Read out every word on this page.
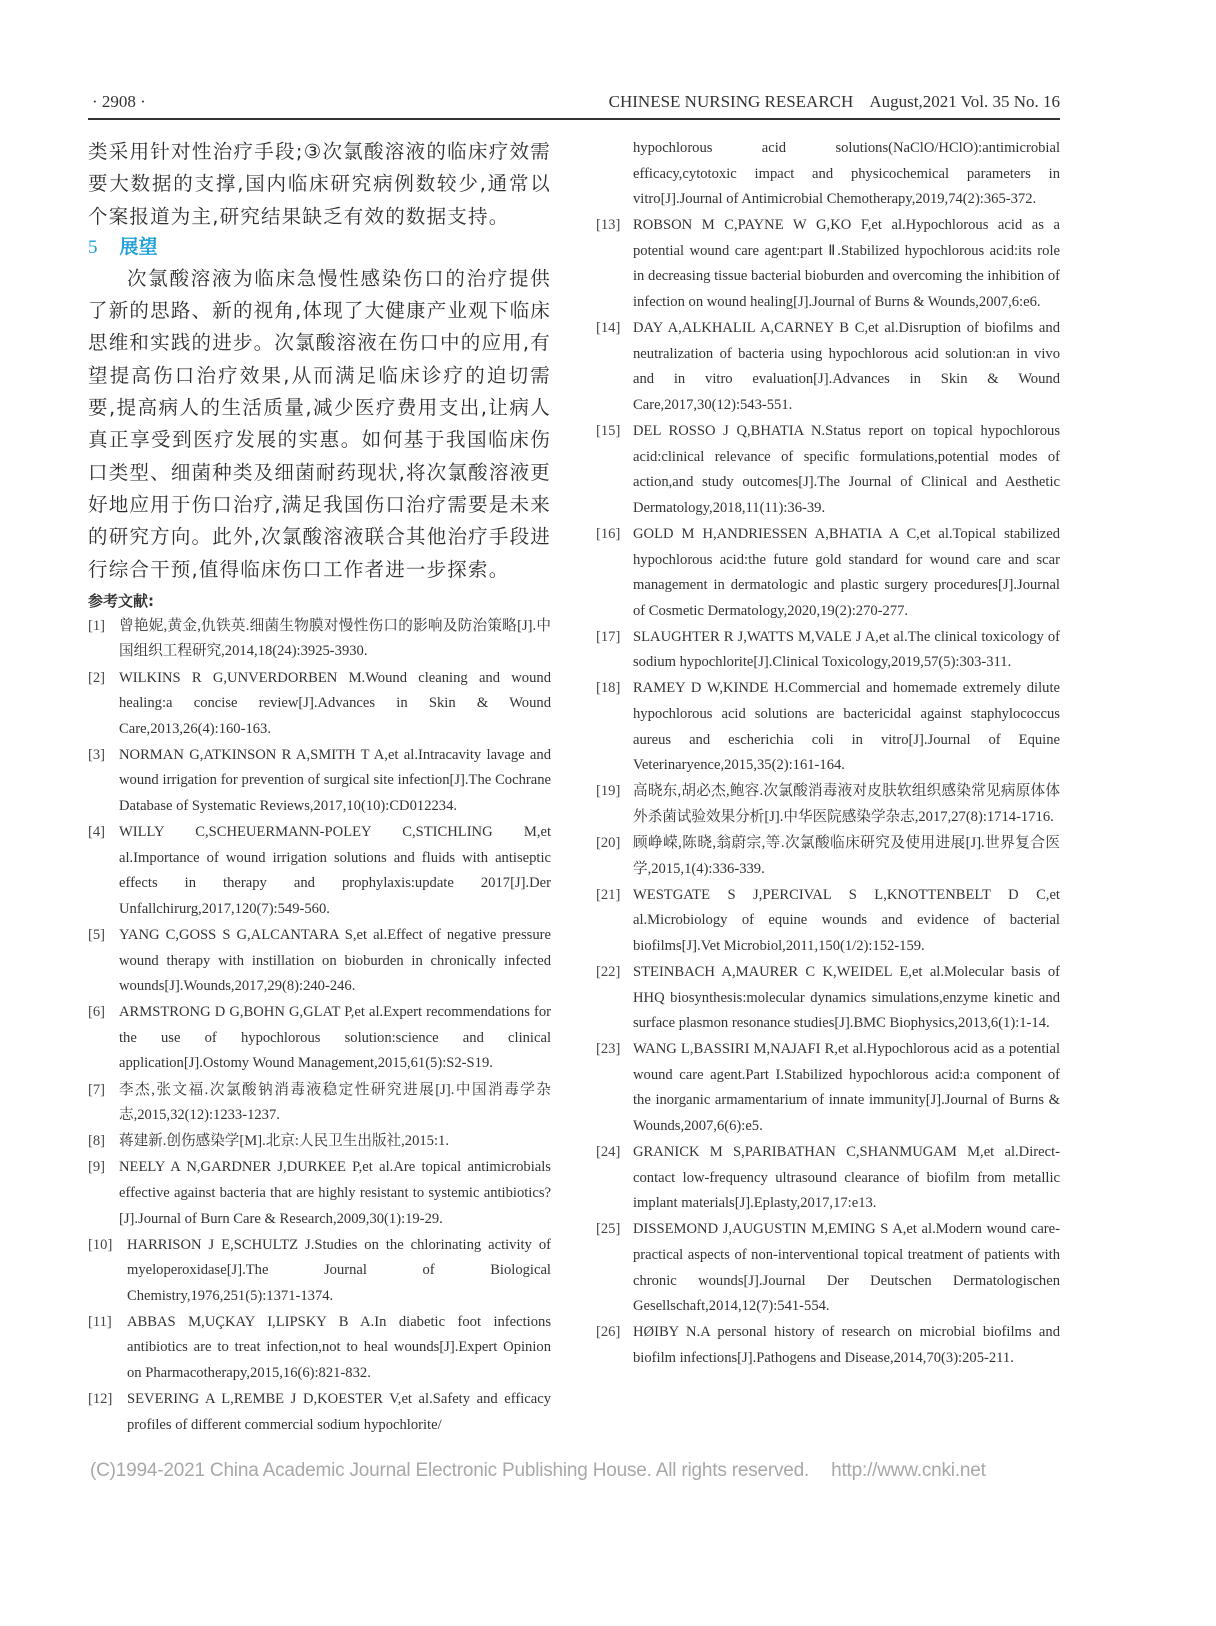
· 2908 ·	CHINESE NURSING RESEARCH    August,2021 Vol. 35 No. 16

类采用针对性治疗手段;③次氯酸溶液的临床疗效需要大数据的支撑,国内临床研究病例数较少,通常以个案报道为主,研究结果缺乏有效的数据支持。

5 展望

次氯酸溶液为临床急慢性感染伤口的治疗提供了新的思路、新的视角,体现了大健康产业观下临床思维和实践的进步。次氯酸溶液在伤口中的应用,有望提高伤口治疗效果,从而满足临床诊疗的迫切需要,提高病人的生活质量,减少医疗费用支出,让病人真正享受到医疗发展的实惠。如何基于我国临床伤口类型、细菌种类及细菌耐药现状,将次氯酸溶液更好地应用于伤口治疗,满足我国伤口治疗需要是未来的研究方向。此外,次氯酸溶液联合其他治疗手段进行综合干预,值得临床伤口工作者进一步探索。

参考文献:
[1] 曾艳妮,黄金,仇铁英.细菌生物膜对慢性伤口的影响及防治策略[J].中国组织工程研究,2014,18(24):3925-3930.
[2] WILKINS R G,UNVERDORBEN M.Wound cleaning and wound healing:a concise review[J].Advances in Skin & Wound Care,2013,26(4):160-163.
[3] NORMAN G,ATKINSON R A,SMITH T A,et al.Intracavity lavage and wound irrigation for prevention of surgical site infection[J].The Cochrane Database of Systematic Reviews,2017,10(10):CD012234.
[4] WILLY C,SCHEUERMANN-POLEY C,STICHLING M,et al.Importance of wound irrigation solutions and fluids with antiseptic effects in therapy and prophylaxis:update 2017[J].Der Unfallchirurg,2017,120(7):549-560.
[5] YANG C,GOSS S G,ALCANTARA S,et al.Effect of negative pressure wound therapy with instillation on bioburden in chronically infected wounds[J].Wounds,2017,29(8):240-246.
[6] ARMSTRONG D G,BOHN G,GLAT P,et al.Expert recommendations for the use of hypochlorous solution:science and clinical application[J].Ostomy Wound Management,2015,61(5):S2-S19.
[7] 李杰,张文福.次氯酸钠消毒液稳定性研究进展[J].中国消毒学杂志,2015,32(12):1233-1237.
[8] 蒋建新.创伤感染学[M].北京:人民卫生出版社,2015:1.
[9] NEELY A N,GARDNER J,DURKEE P,et al.Are topical antimicrobials effective against bacteria that are highly resistant to systemic antibiotics?[J].Journal of Burn Care & Research,2009,30(1):19-29.
[10] HARRISON J E,SCHULTZ J.Studies on the chlorinating activity of myeloperoxidase[J].The Journal of Biological Chemistry,1976,251(5):1371-1374.
[11] ABBAS M,UÇKAY I,LIPSKY B A.In diabetic foot infections antibiotics are to treat infection,not to heal wounds[J].Expert Opinion on Pharmacotherapy,2015,16(6):821-832.
[12] SEVERING A L,REMBE J D,KOESTER V,et al.Safety and efficacy profiles of different commercial sodium hypochlorite/
hypochlorous acid solutions(NaClO/HClO):antimicrobial efficacy,cytotoxic impact and physicochemical parameters in vitro[J].Journal of Antimicrobial Chemotherapy,2019,74(2):365-372.
[13] ROBSON M C,PAYNE W G,KO F,et al.Hypochlorous acid as a potential wound care agent:part Ⅱ.Stabilized hypochlorous acid:its role in decreasing tissue bacterial bioburden and overcoming the inhibition of infection on wound healing[J].Journal of Burns & Wounds,2007,6:e6.
[14] DAY A,ALKHALIL A,CARNEY B C,et al.Disruption of biofilms and neutralization of bacteria using hypochlorous acid solution:an in vivo and in vitro evaluation[J].Advances in Skin & Wound Care,2017,30(12):543-551.
[15] DEL ROSSO J Q,BHATIA N.Status report on topical hypochlorous acid:clinical relevance of specific formulations,potential modes of action,and study outcomes[J].The Journal of Clinical and Aesthetic Dermatology,2018,11(11):36-39.
[16] GOLD M H,ANDRIESSEN A,BHATIA A C,et al.Topical stabilized hypochlorous acid:the future gold standard for wound care and scar management in dermatologic and plastic surgery procedures[J].Journal of Cosmetic Dermatology,2020,19(2):270-277.
[17] SLAUGHTER R J,WATTS M,VALE J A,et al.The clinical toxicology of sodium hypochlorite[J].Clinical Toxicology,2019,57(5):303-311.
[18] RAMEY D W,KINDE H.Commercial and homemade extremely dilute hypochlorous acid solutions are bactericidal against staphylococcus aureus and escherichia coli in vitro[J].Journal of Equine Veterinaryence,2015,35(2):161-164.
[19] 高晓东,胡必杰,鲍容.次氯酸消毒液对皮肤软组织感染常见病原体体外杀菌试验效果分析[J].中华医院感染学杂志,2017,27(8):1714-1716.
[20] 顾峥嵘,陈晓,翁蔚宗,等.次氯酸临床研究及使用进展[J].世界复合医学,2015,1(4):336-339.
[21] WESTGATE S J,PERCIVAL S L,KNOTTENBELT D C,et al.Microbiology of equine wounds and evidence of bacterial biofilms[J].Vet Microbiol,2011,150(1/2):152-159.
[22] STEINBACH A,MAURER C K,WEIDEL E,et al.Molecular basis of HHQ biosynthesis:molecular dynamics simulations,enzyme kinetic and surface plasmon resonance studies[J].BMC Biophysics,2013,6(1):1-14.
[23] WANG L,BASSIRI M,NAJAFI R,et al.Hypochlorous acid as a potential wound care agent.Part I.Stabilized hypochlorous acid:a component of the inorganic armamentarium of innate immunity[J].Journal of Burns & Wounds,2007,6(6):e5.
[24] GRANICK M S,PARIBATHAN C,SHANMUGAM M,et al.Direct-contact low-frequency ultrasound clearance of biofilm from metallic implant materials[J].Eplasty,2017,17:e13.
[25] DISSEMOND J,AUGUSTIN M,EMING S A,et al.Modern wound care-practical aspects of non-interventional topical treatment of patients with chronic wounds[J].Journal Der Deutschen Dermatologischen Gesellschaft,2014,12(7):541-554.
[26] HØIBY N.A personal history of research on microbial biofilms and biofilm infections[J].Pathogens and Disease,2014,70(3):205-211.
(C)1994-2021 China Academic Journal Electronic Publishing House. All rights reserved. http://www.cnki.net
